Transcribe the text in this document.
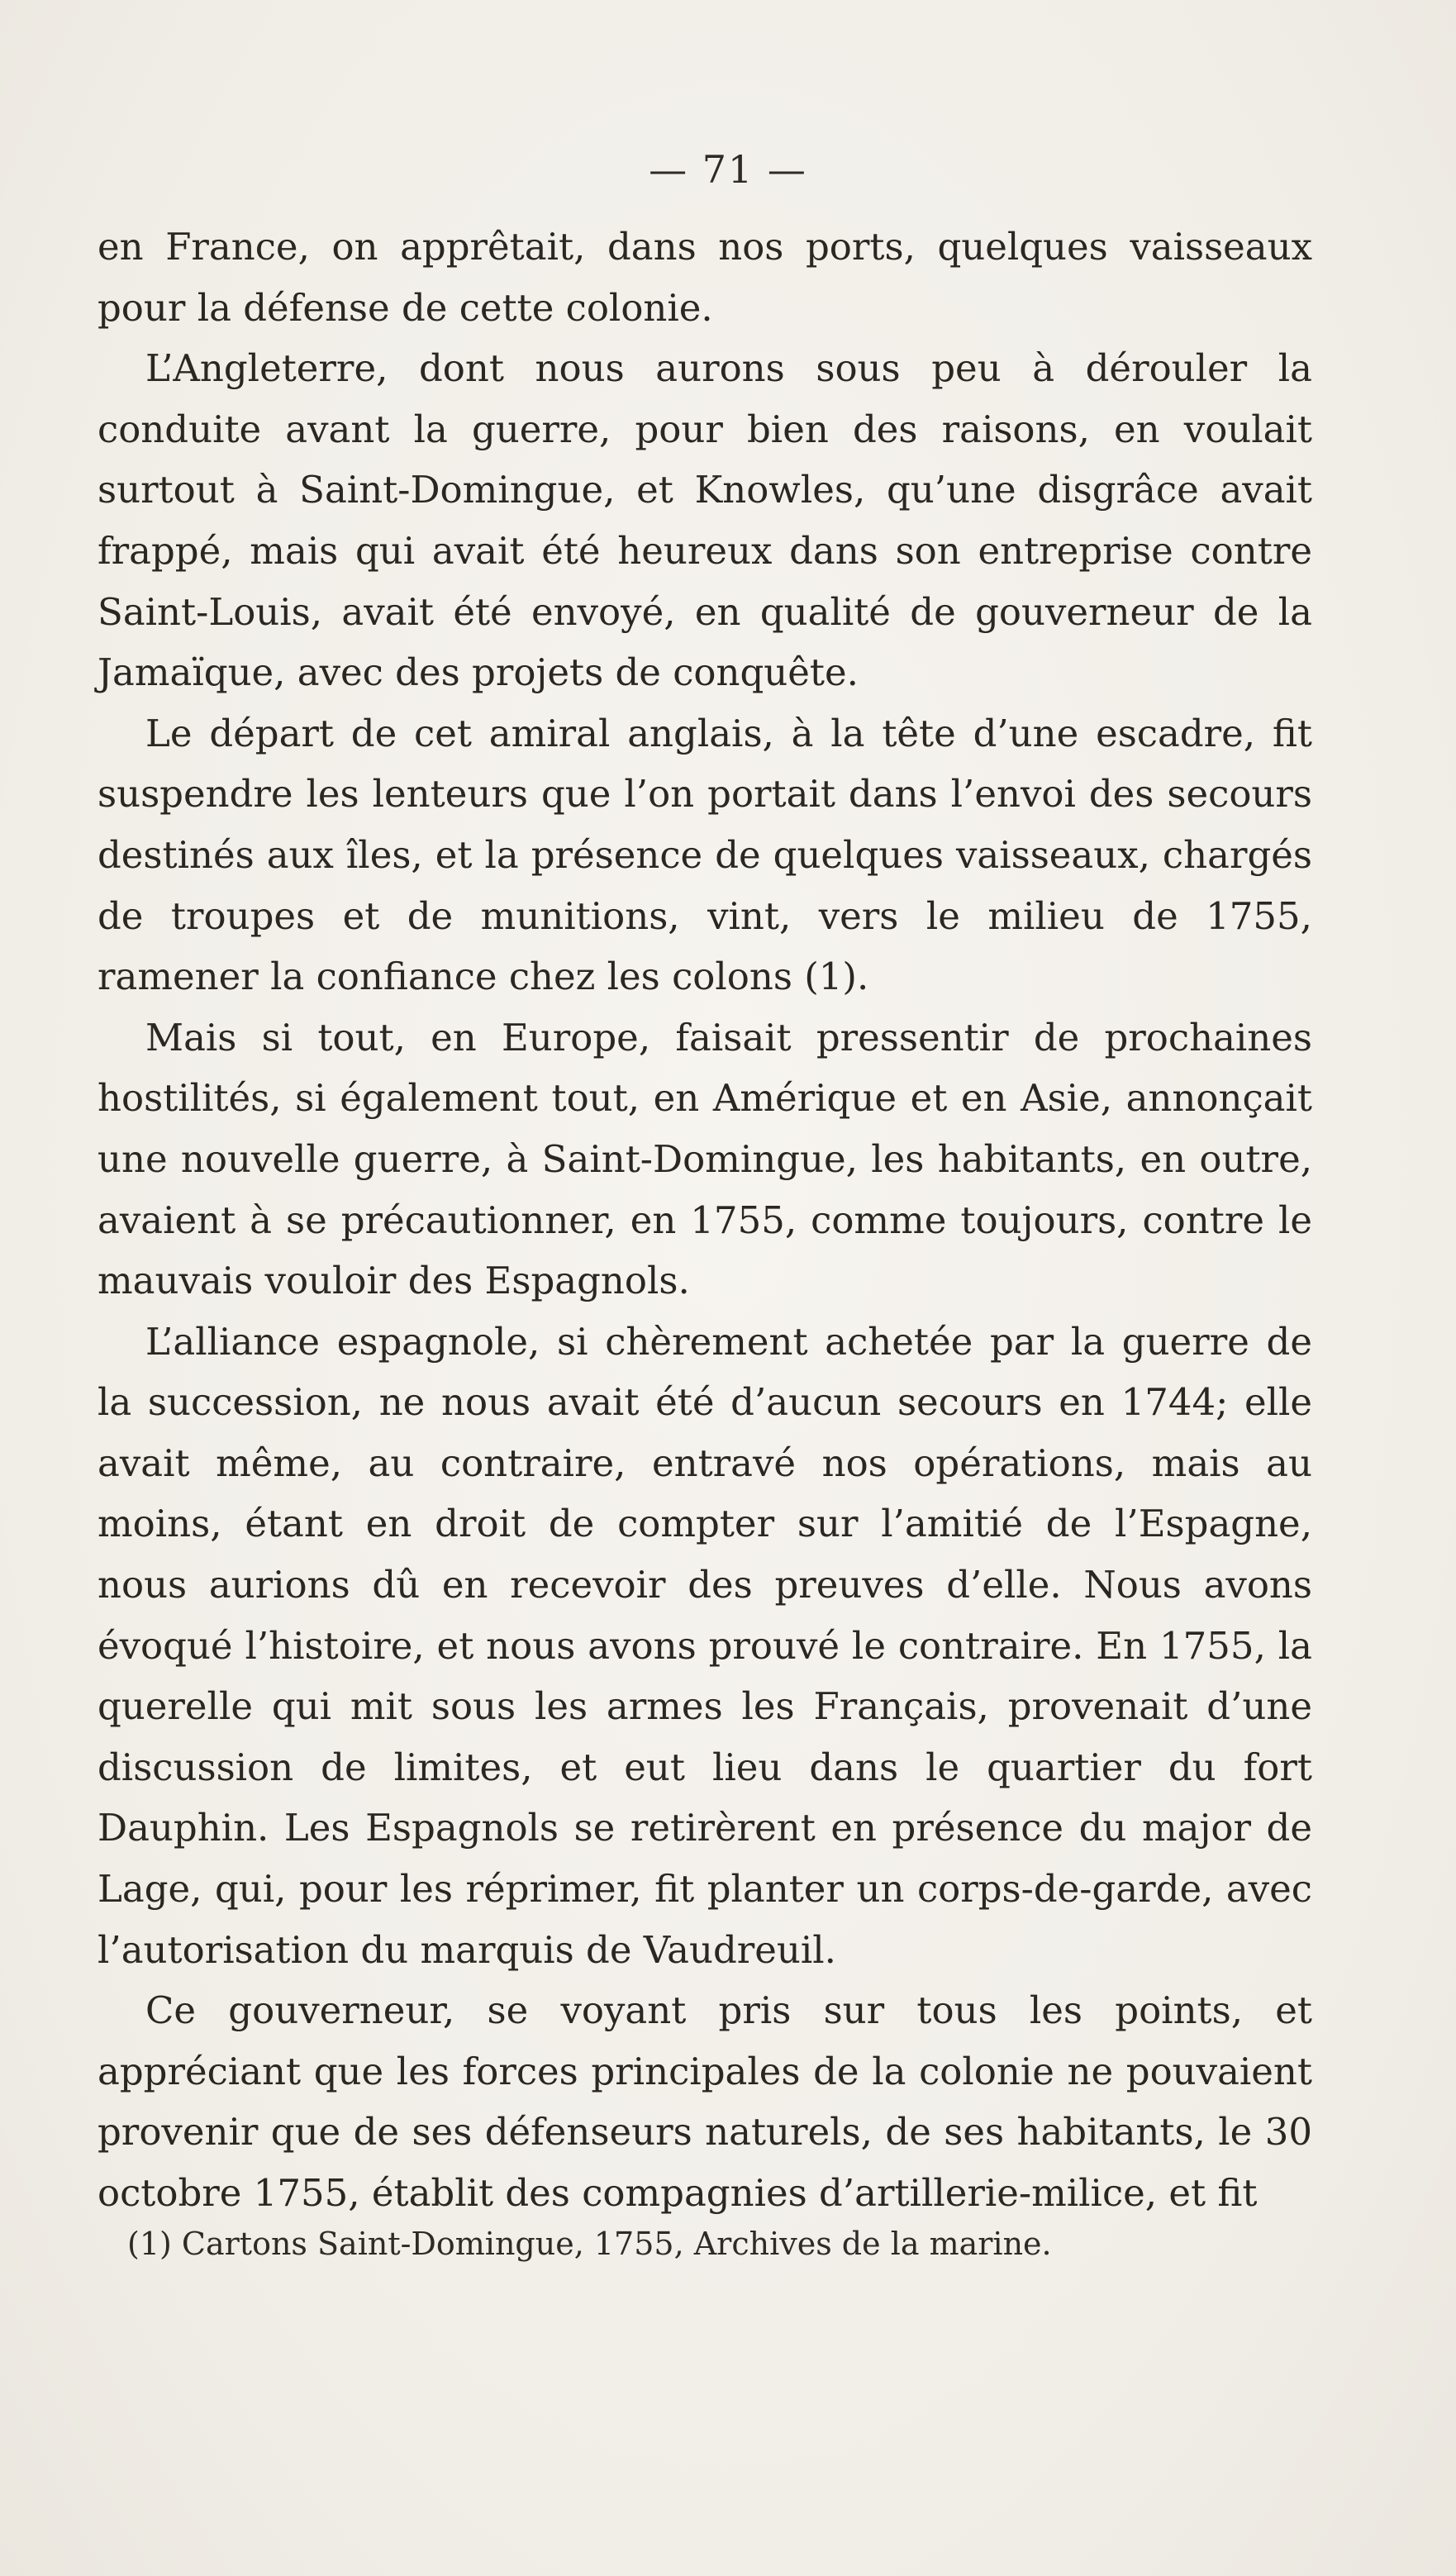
— 71 —

en France, on apprêtait, dans nos ports, quelques vaisseaux pour la défense de cette colonie.

L’Angleterre, dont nous aurons sous peu à dérouler la conduite avant la guerre, pour bien des raisons, en voulait surtout à Saint-Domingue, et Knowles, qu’une disgrâce avait frappé, mais qui avait été heureux dans son entreprise contre Saint-Louis, avait été envoyé, en qualité de gouverneur de la Jamaïque, avec des projets de conquête.

Le départ de cet amiral anglais, à la tête d’une escadre, fit suspendre les lenteurs que l’on portait dans l’envoi des secours destinés aux îles, et la présence de quelques vaisseaux, chargés de troupes et de munitions, vint, vers le milieu de 1755, ramener la confiance chez les colons (1).

Mais si tout, en Europe, faisait pressentir de prochaines hostilités, si également tout, en Amérique et en Asie, annonçait une nouvelle guerre, à Saint-Domingue, les habitants, en outre, avaient à se précautionner, en 1755, comme toujours, contre le mauvais vouloir des Espagnols.

L’alliance espagnole, si chèrement achetée par la guerre de la succession, ne nous avait été d’aucun secours en 1744; elle avait même, au contraire, entravé nos opérations, mais au moins, étant en droit de compter sur l’amitié de l’Espagne, nous aurions dû en recevoir des preuves d’elle. Nous avons évoqué l’histoire, et nous avons prouvé le contraire. En 1755, la querelle qui mit sous les armes les Français, provenait d’une discussion de limites, et eut lieu dans le quartier du fort Dauphin. Les Espagnols se retirèrent en présence du major de Lage, qui, pour les réprimer, fit planter un corps-de-garde, avec l’autorisation du marquis de Vaudreuil.

Ce gouverneur, se voyant pris sur tous les points, et appréciant que les forces principales de la colonie ne pouvaient provenir que de ses défenseurs naturels, de ses habitants, le 30 octobre 1755, établit des compagnies d’artillerie-milice, et fit

(1) Cartons Saint-Domingue, 1755, Archives de la marine.
